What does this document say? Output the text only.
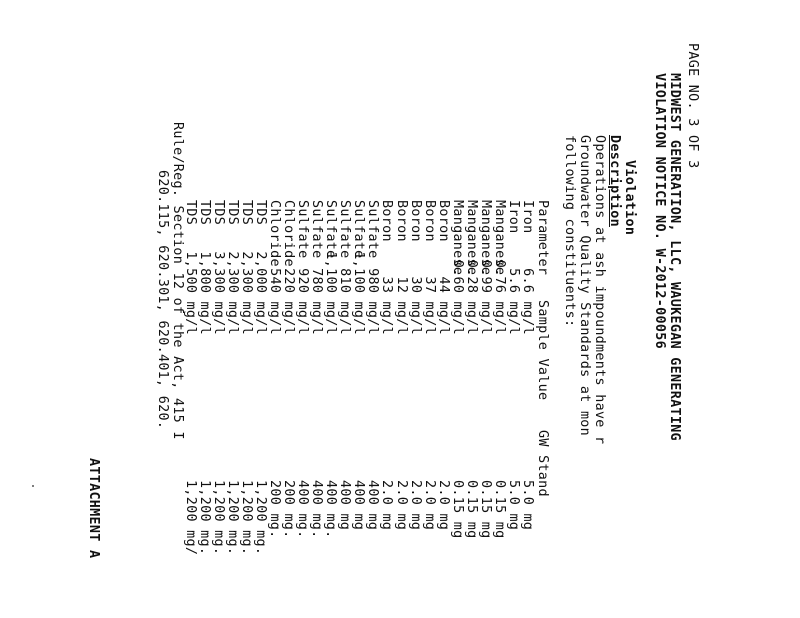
PAGE NO. 3 OF 3
ATTACHMENT A
MIDWEST GENERATION, LLC, WAUKEGAN GENERATING
VIOLATION NOTICE NO. W-2012-00056
Violation
Description
Operations at ash impoundments have r
Groundwater Quality Standards at mon
following constituents:
Rule/Reg. Section 12 of the Act, 415 I
620.115, 620.301, 620.401, 620.	Parameter
Sample Value
GW Stand
Iron
6.6 mg/l
5.0 mg
Iron
5.6 mg/l
5.0 mg
Manganese
0.76 mg/l
0.15 mg
Manganese
0.99 mg/l
0.15 mg
Manganese
0.28 mg/l
0.15 mg
Manganese
0.60 mg/l
0.15 mg
Boron
44 mg/l
2.0 mg
Boron
37 mg/l
2.0 mg
Boron
30 mg/l
2.0 mg
Boron
12 mg/l
2.0 mg
Boron
33 mg/l
2.0 mg
Sulfate
980 mg/l
400 mg
Sulfate
1,100 mg/l
400 mg
Sulfate
810 mg/l
400 mg
Sulfate
1,100 mg/l
400 mg.
Sulfate
780 mg/l
400 mg.
Sulfate
920 mg/l
400 mg.
Chloride
220 mg/l
200 mg.
Chloride
540 mg/l
200 mg.
TDS
2,000 mg/l
1,200 mg.
TDS
2,300 mg/l
1,200 mg.
TDS
2,300 mg/l
1,200 mg.
TDS
3,300 mg/l
1,200 mg.
TDS
1,800 mg/l
1,200 mg.
TDS
1,500 mg/l
1,200 mg/
